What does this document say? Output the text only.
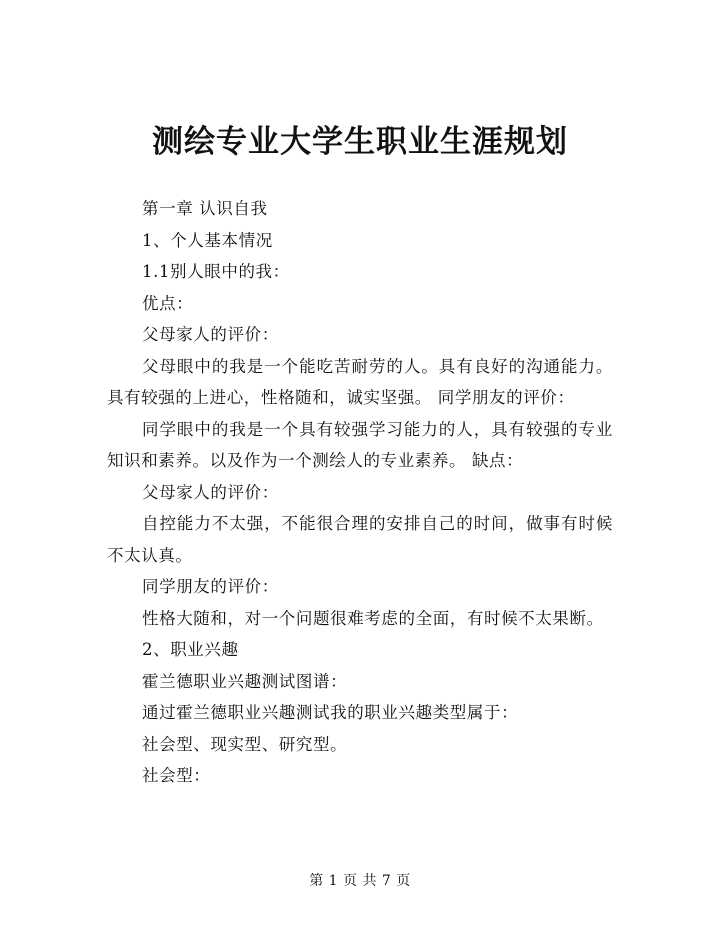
测绘专业大学生职业生涯规划

第一章 认识自我

1、个人基本情况

1.1别人眼中的我：

优点：

父母家人的评价：

父母眼中的我是一个能吃苦耐劳的人。具有良好的沟通能力。具有较强的上进心，性格随和，诚实坚强。 同学朋友的评价：

同学眼中的我是一个具有较强学习能力的人，具有较强的专业知识和素养。以及作为一个测绘人的专业素养。 缺点：

父母家人的评价：

自控能力不太强，不能很合理的安排自己的时间，做事有时候不太认真。

同学朋友的评价：

性格大随和，对一个问题很难考虑的全面，有时候不太果断。

2、职业兴趣

霍兰德职业兴趣测试图谱：

通过霍兰德职业兴趣测试我的职业兴趣类型属于：

社会型、现实型、研究型。

社会型：

第 1 页 共 7 页
